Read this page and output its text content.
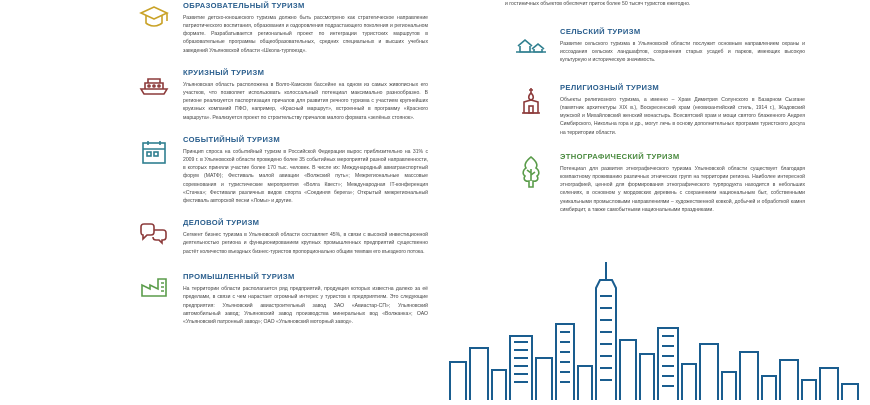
и гостиничных объектов обеспечит приток более 50 тысяч туристов ежегодно.

ОБРАЗОВАТЕЛЬНЫЙ ТУРИЗМ

Развитие детско-юношеского туризма должно быть рассмотрено как стратегическое направление патриотического воспитания, образования и оздоровления подрастающего поколения и региональном формате. Разрабатывается региональный проект по интеграции туристских маршрутов в образовательные программы общеобразовательных, средних специальных и высших учебных заведений Ульяновской области «Школа-турпоезд».

КРУИЗНЫЙ ТУРИЗМ

Ульяновская область расположена в Волго-Камском бассейне на одном из самых живописных его участков, что позволяет использовать колоссальный потенциал максимально разнообразно. В регионе реализуется паспортизация причалов для развития речного туризма с участием крупнейших круизных компаний ПФО, например, «Красный маршрут», встроенный в программу «Красного маршрута». Реализуется проект по строительству причалов малого формата «зелёных стоянок».

СОБЫТИЙНЫЙ ТУРИЗМ

Принцип спроса на событийный туризм в Российской Федерации вырос приблизительно на 31% с 2009 г. в Ульяновской области проведено более 35 событийных мероприятий разной направленности, в которых приняли участие более 170 тыс. человек. В числе их: Международный авиатранспортный форум (МАТФ); Фестиваль малой авиации «Волжский путь»; Межрегиональные массовые соревнования и туристические мероприятия «Волга Квест»; Международная IT-конференция «Стачка»; Фестивали различных видов спорта «Соединяя берега»; Открытый межрегиональный фестиваль авторской песни «Ломы» и другие.

ДЕЛОВОЙ ТУРИЗМ

Сегмент бизнес туризма в Ульяновской области составляет 45%, в связи с высокой инвестиционной деятельностью региона и функционированием крупных промышленных предприятий существенно растёт количество въездных бизнес-туристов пропорционально общим темпам его въездного потока.

ПРОМЫШЛЕННЫЙ ТУРИЗМ

На территории области располагается ряд предприятий, продукция которых известна далеко за её пределами, в связи с чем нарастает огромный интерес у туристов к предприятиям. Это следующие предприятия: Ульяновский авиастроительный завод ЗАО «Авиастар-СП»; Ульяновский автомобильный завод; Ульяновский завод производства минеральных вод «Волжанка»; ОАО «Ульяновский патронный завод»; ОАО «Ульяновский моторный завод».

СЕЛЬСКИЙ ТУРИЗМ

Развитие сельского туризма в Ульяновской области послужит основным направлением охраны и иссоздания сельских ландшафтов, сохранения старых усадеб и парков, имеющих высокую культурную и историческую значимость.

РЕЛИГИОЗНЫЙ ТУРИЗМ

Объекты религиозного туризма, а именно – Храм Димитрия Солунского в Базарном Сызгане (памятник архитектуры XIX в.), Воскресенский храм (неовизантийский стиль, 1914 г.), Жадовский мужской и Михайловский женский монастырь. Всесвятский храм и мощи святого блаженного Андрея Симбирского, Никольна гора и др., могут лечь в основу дополнительных программ туристского досуга на территории области.

ЭТНОГРАФИЧЕСКИЙ ТУРИЗМ

Потенциал для развития этнографического туризма Ульяновской области существует благодаря компактному проживанию различных этнических групп на территории региона. Наиболее интересной этнографией, ценной для формирования этнографического турпродукта находится в небольших селениях, в основном у мордовских деревень с сохранением национальным быт, собственными уникальными промысловыми направлениями – художественной ковкой, добычей и обработкой камня симбирцит, а также самобытными национальными праздниками.
